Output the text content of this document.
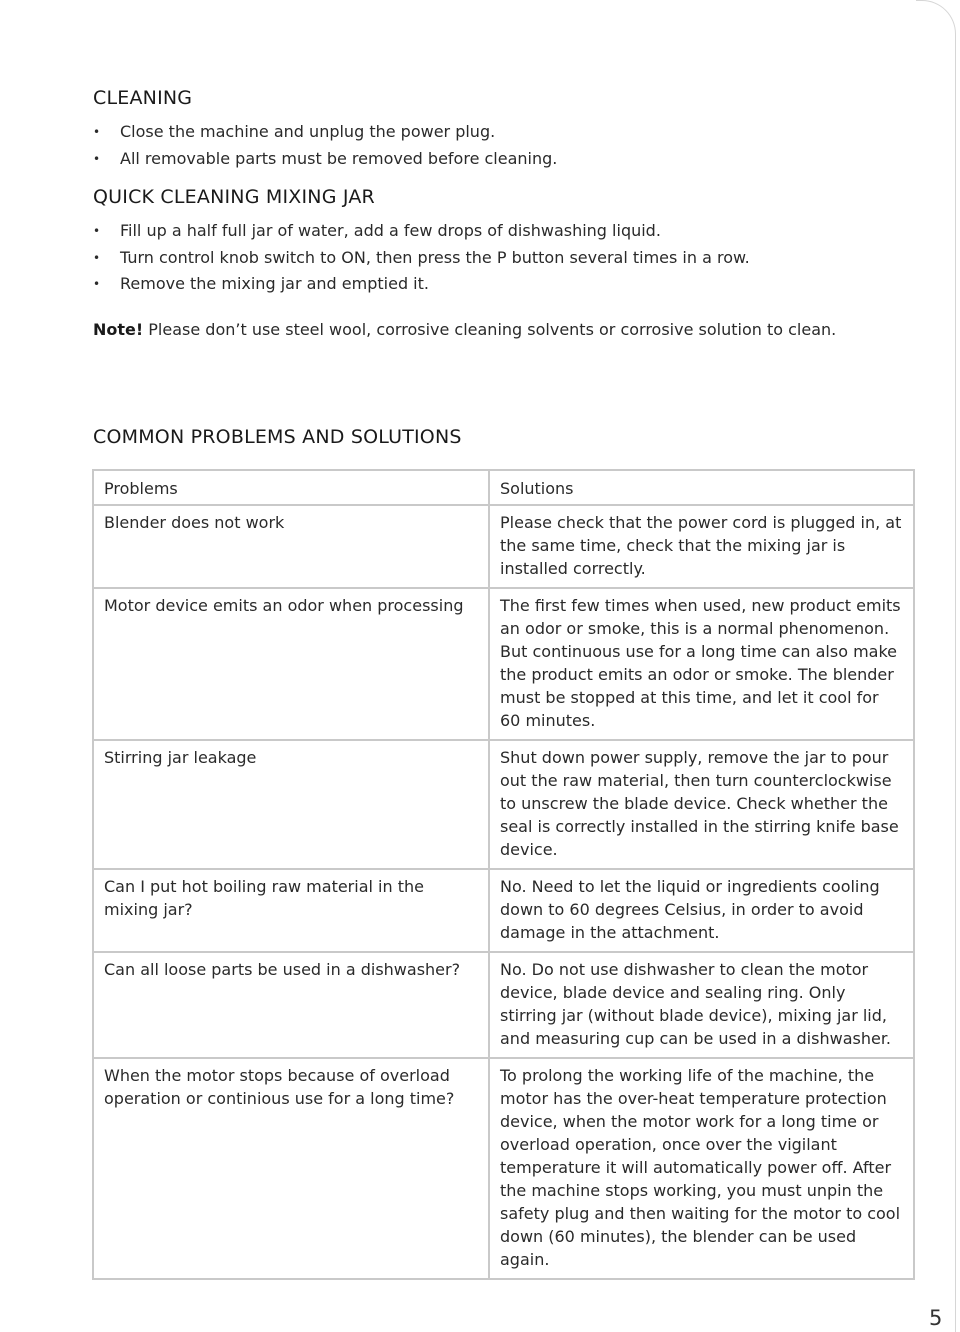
CLEANING
• Close the machine and unplug the power plug.
• All removable parts must be removed before cleaning.
QUICK CLEANING MIXING JAR
• Fill up a half full jar of water, add a few drops of dishwashing liquid.
• Turn control knob switch to ON, then press the P button several times in a row.
• Remove the mixing jar and emptied it.
Note! Please don’t use steel wool, corrosive cleaning solvents or corrosive solution to clean.
COMMON PROBLEMS AND SOLUTIONS
Problems	Solutions
Blender does not work	Please check that the power cord is plugged in, at the same time, check that the mixing jar is installed correctly.
Motor device emits an odor when processing	The first few times when used, new product emits an odor or smoke, this is a normal phenomenon. But continuous use for a long time can also make the product emits an odor or smoke. The blender must be stopped at this time, and let it cool for 60 minutes.
Stirring jar leakage	Shut down power supply, remove the jar to pour out the raw material, then turn counterclockwise to unscrew the blade device. Check whether the seal is correctly installed in the stirring knife base device.
Can I put hot boiling raw material in the mixing jar?	No. Need to let the liquid or ingredients cooling down to 60 degrees Celsius, in order to avoid damage in the attachment.
Can all loose parts be used in a dishwasher?	No. Do not use dishwasher to clean the motor device, blade device and sealing ring. Only stirring jar (without blade device), mixing jar lid, and measuring cup can be used in a dishwasher.
When the motor stops because of overload operation or continious use for a long time?	To prolong the working life of the machine, the motor has the over-heat temperature protection device, when the motor work for a long time or overload operation, once over the vigilant temperature it will automatically power off. After the machine stops working, you must unpin the safety plug and then waiting for the motor to cool down (60 minutes), the blender can be used again.
5
